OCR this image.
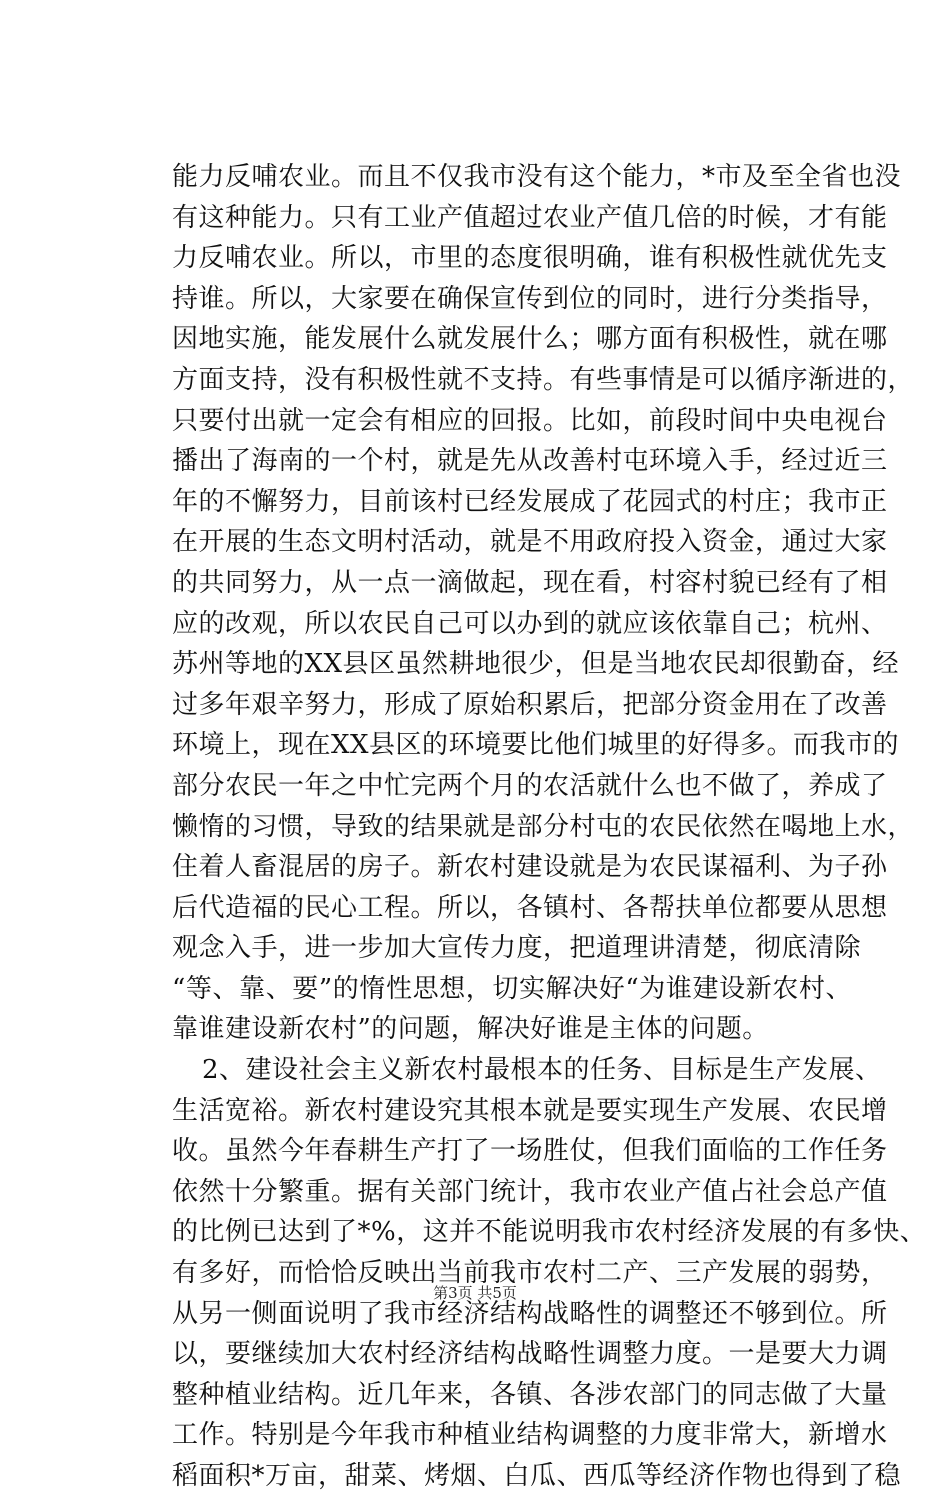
能力反哺农业。而且不仅我市没有这个能力，*市及至全省也没
有这种能力。只有工业产值超过农业产值几倍的时候，才有能
力反哺农业。所以，市里的态度很明确，谁有积极性就优先支
持谁。所以，大家要在确保宣传到位的同时，进行分类指导，
因地实施，能发展什么就发展什么；哪方面有积极性，就在哪
方面支持，没有积极性就不支持。有些事情是可以循序渐进的，
只要付出就一定会有相应的回报。比如，前段时间中央电视台
播出了海南的一个村，就是先从改善村屯环境入手，经过近三
年的不懈努力，目前该村已经发展成了花园式的村庄；我市正
在开展的生态文明村活动，就是不用政府投入资金，通过大家
的共同努力，从一点一滴做起，现在看，村容村貌已经有了相
应的改观，所以农民自己可以办到的就应该依靠自己；杭州、
苏州等地的XX县区虽然耕地很少，但是当地农民却很勤奋，经
过多年艰辛努力，形成了原始积累后，把部分资金用在了改善
环境上，现在XX县区的环境要比他们城里的好得多。而我市的
部分农民一年之中忙完两个月的农活就什么也不做了，养成了
懒惰的习惯，导致的结果就是部分村屯的农民依然在喝地上水，
住着人畜混居的房子。新农村建设就是为农民谋福利、为子孙
后代造福的民心工程。所以，各镇村、各帮扶单位都要从思想
观念入手，进一步加大宣传力度，把道理讲清楚，彻底清除
“等、靠、要”的惰性思想，切实解决好“为谁建设新农村、
靠谁建设新农村”的问题，解决好谁是主体的问题。
2、建设社会主义新农村最根本的任务、目标是生产发展、
生活宽裕。新农村建设究其根本就是要实现生产发展、农民增
收。虽然今年春耕生产打了一场胜仗，但我们面临的工作任务
依然十分繁重。据有关部门统计，我市农业产值占社会总产值
的比例已达到了*%，这并不能说明我市农村经济发展的有多快、
有多好，而恰恰反映出当前我市农村二产、三产发展的弱势，
从另一侧面说明了我市经济结构战略性的调整还不够到位。所
以，要继续加大农村经济结构战略性调整力度。一是要大力调
整种植业结构。近几年来，各镇、各涉农部门的同志做了大量
工作。特别是今年我市种植业结构调整的力度非常大，新增水
稻面积*万亩，甜菜、烤烟、白瓜、西瓜等经济作物也得到了稳
第3页 共5页
